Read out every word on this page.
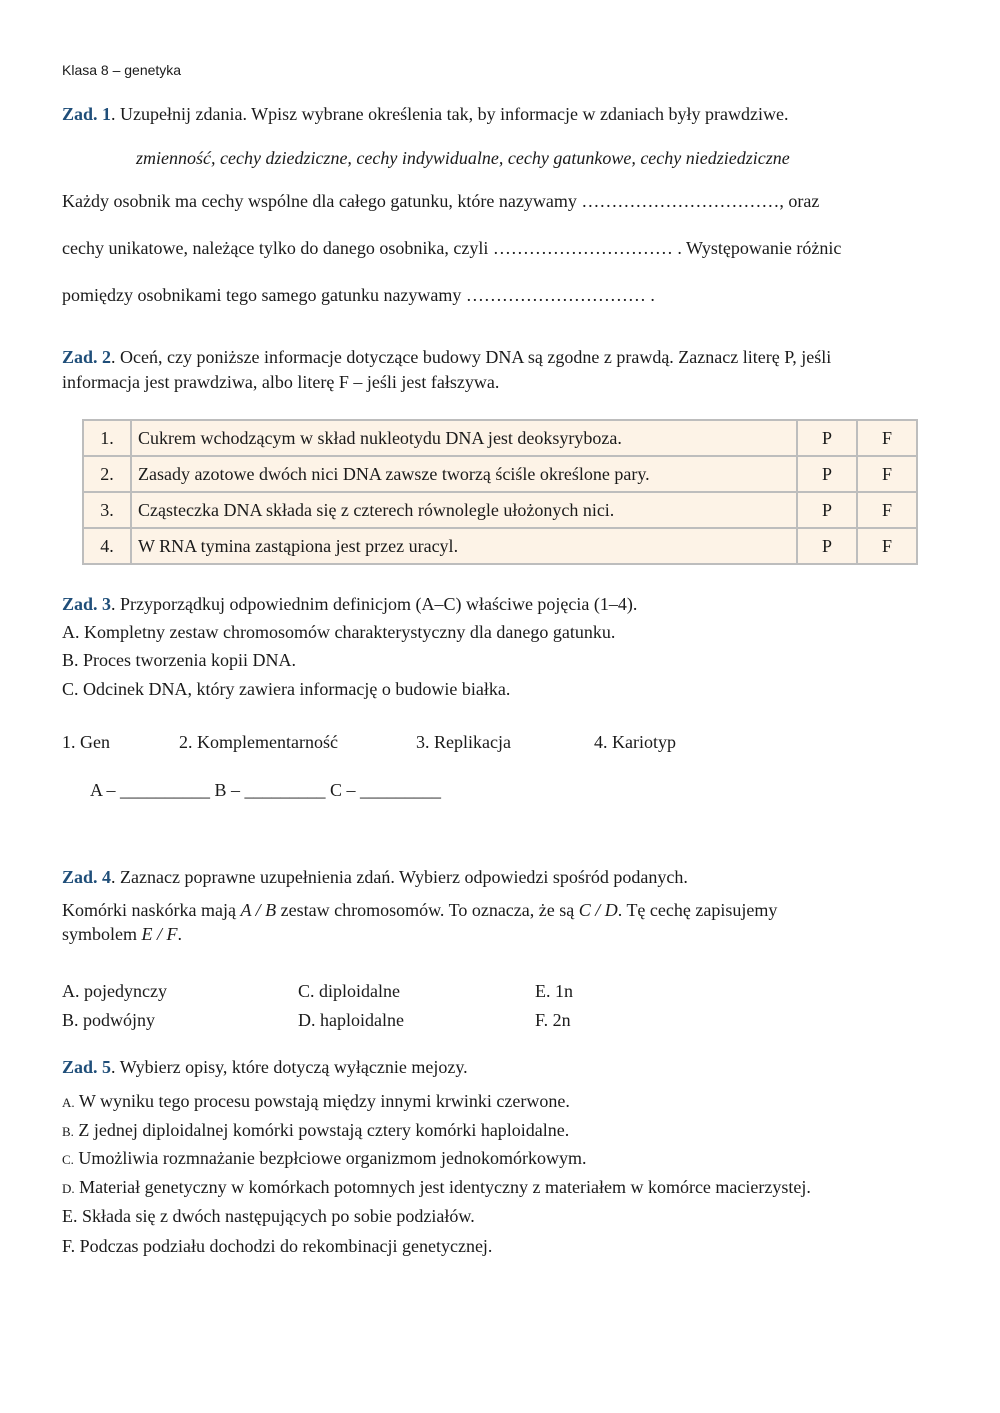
Klasa 8 – genetyka
Zad. 1. Uzupełnij zdania. Wpisz wybrane określenia tak, by informacje w zdaniach były prawdziwe.
zmienność, cechy dziedziczne, cechy indywidualne, cechy gatunkowe, cechy niedziedziczne
Każdy osobnik ma cechy wspólne dla całego gatunku, które nazywamy ……………………………, oraz
cechy unikatowe, należące tylko do danego osobnika, czyli ………………………… . Występowanie różnic
pomiędzy osobnikami tego samego gatunku nazywamy ………………………… .
Zad. 2. Oceń, czy poniższe informacje dotyczące budowy DNA są zgodne z prawdą. Zaznacz literę P, jeśli
informacja jest prawdziwa, albo literę F – jeśli jest fałszywa.
1.	Cukrem wchodzącym w skład nukleotydu DNA jest deoksyryboza.	P	F
2.	Zasady azotowe dwóch nici DNA zawsze tworzą ściśle określone pary.	P	F
3.	Cząsteczka DNA składa się z czterech równolegle ułożonych nici.	P	F
4.	W RNA tymina zastąpiona jest przez uracyl.	P	F
Zad. 3. Przyporządkuj odpowiednim definicjom (A–C) właściwe pojęcia (1–4).
A. Kompletny zestaw chromosomów charakterystyczny dla danego gatunku.
B. Proces tworzenia kopii DNA.
C. Odcinek DNA, który zawiera informację o budowie białka.
1. Gen	2. Komplementarność	3. Replikacja	4. Kariotyp
A – __________ B – _________ C – _________
Zad. 4. Zaznacz poprawne uzupełnienia zdań. Wybierz odpowiedzi spośród podanych.
Komórki naskórka mają A / B zestaw chromosomów. To oznacza, że są C / D. Tę cechę zapisujemy
symbolem E / F.
A. pojedynczy	C. diploidalne	E. 1n
B. podwójny	D. haploidalne	F. 2n
Zad. 5. Wybierz opisy, które dotyczą wyłącznie mejozy.
A. W wyniku tego procesu powstają między innymi krwinki czerwone.
B. Z jednej diploidalnej komórki powstają cztery komórki haploidalne.
C. Umożliwia rozmnażanie bezpłciowe organizmom jednokomórkowym.
D. Materiał genetyczny w komórkach potomnych jest identyczny z materiałem w komórce macierzystej.
E. Składa się z dwóch następujących po sobie podziałów.
F. Podczas podziału dochodzi do rekombinacji genetycznej.
